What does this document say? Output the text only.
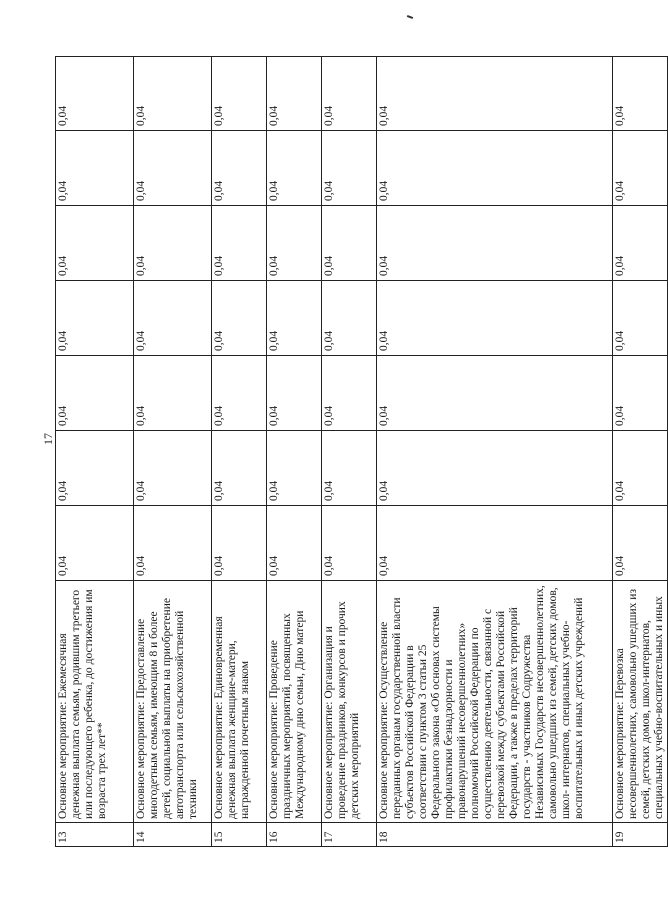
17
13	Основное мероприятие: Ежемесячная денежная выплата семьям, родившим третьего или последующего ребенка, до достижения им возраста трех лет**	0,04	0,04	0,04	0,04	0,04	0,04	0,04
14	Основное мероприятие: Предоставление многодетным семьям, имеющим 8 и более детей, социальной выплаты на приобретение автотранспорта или сельскохозяйственной техники	0,04	0,04	0,04	0,04	0,04	0,04	0,04
15	Основное мероприятие: Единовременная денежная выплата женщине-матери, награжденной почетным знаком	0,04	0,04	0,04	0,04	0,04	0,04	0,04
16	Основное мероприятие: Проведение праздничных мероприятий, посвященных Международному дню семьи, Дню матери	0,04	0,04	0,04	0,04	0,04	0,04	0,04
17	Основное мероприятие: Организация и проведение праздников, конкурсов и прочих детских мероприятий	0,04	0,04	0,04	0,04	0,04	0,04	0,04
18	Основное мероприятие: Осуществление переданных органам государственной власти субъектов Российской Федерации в соответствии с пунктом 3 статьи 25 Федерального закона «Об основах системы профилактики безнадзорности и правонарушений несовершеннолетних» полномочий Российской Федерации по осуществлению деятельности, связанной с перевозкой между субъектами Российской Федерации, а также в пределах территорий государств - участников Содружества Независимых Государств несовершеннолетних, самовольно ушедших из семей, детских домов, школ- интернатов, специальных учебно-воспитательных и иных детских учреждений	0,04	0,04	0,04	0,04	0,04	0,04	0,04
19	Основное мероприятие: Перевозка несовершеннолетних, самовольно ушедших из семей, детских домов, школ-интернатов, специальных учебно-воспитательных и иных	0,04	0,04	0,04	0,04	0,04	0,04	0,04
